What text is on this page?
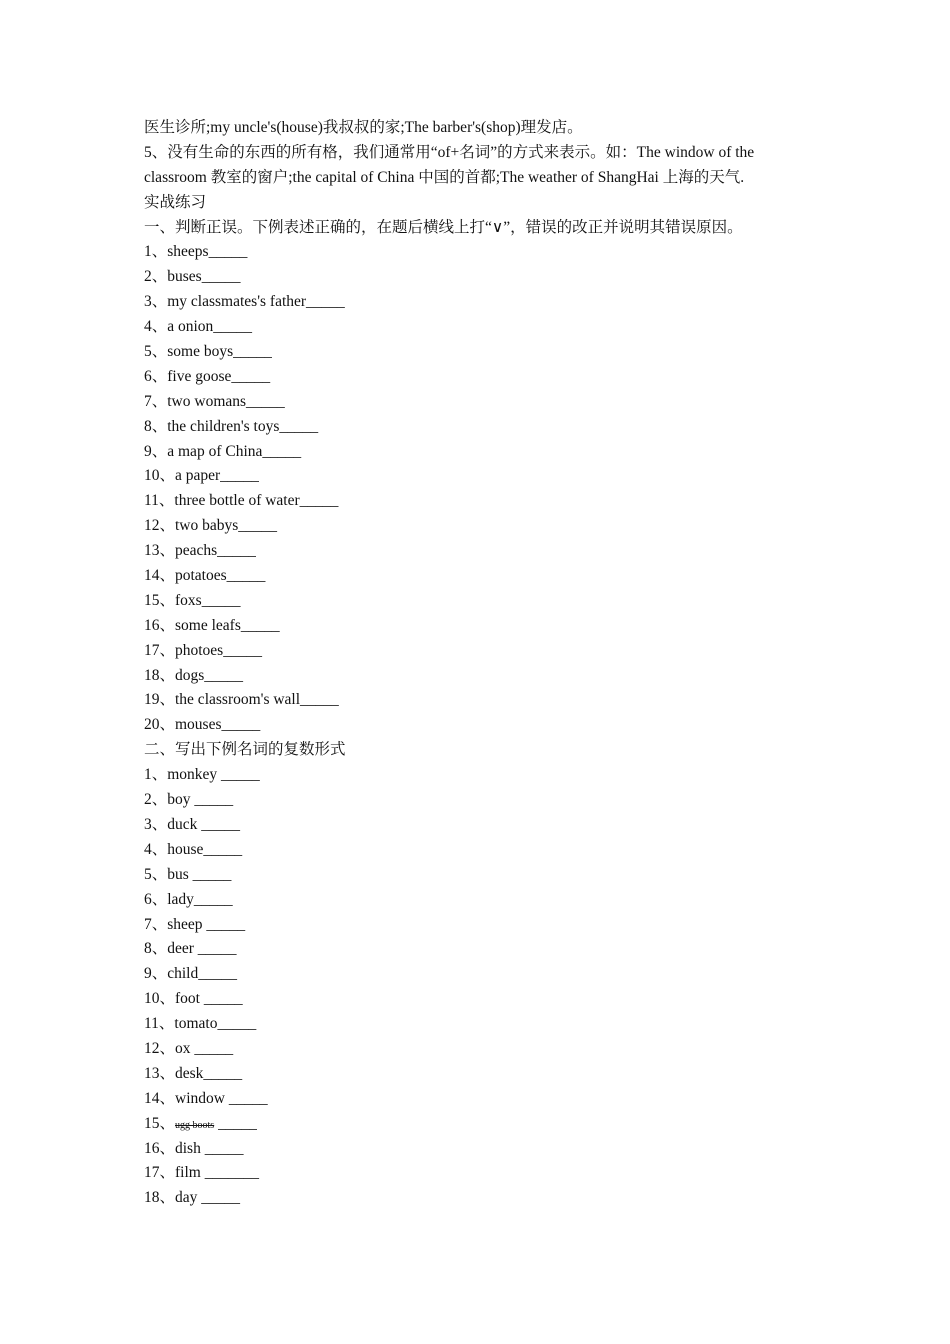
医生诊所;my uncle's(house)我叔叔的家;The barber's(shop)理发店。
5、没有生命的东西的所有格，我们通常用“of+名词”的方式来表示。如：The window of the
classroom 教室的窗户;the capital of China 中国的首都;The weather of ShangHai 上海的天气.
实战练习
一、判断正误。下例表述正确的，在题后横线上打“∨”，错误的改正并说明其错误原因。
1、sheeps_____
2、buses_____
3、my classmates's father_____
4、a onion_____
5、some boys_____
6、five goose_____
7、two womans_____
8、the children's toys_____
9、a map of China_____
10、a paper_____
11、three bottle of water_____
12、two babys_____
13、peachs_____
14、potatoes_____
15、foxs_____
16、some leafs_____
17、photoes_____
18、dogs_____
19、the classroom's wall_____
20、mouses_____
二、写出下例名词的复数形式
1、monkey _____
2、boy _____
3、duck _____
4、house_____
5、bus _____
6、lady_____
7、sheep _____
8、deer _____
9、child_____
10、foot _____
11、tomato_____
12、ox _____
13、desk_____
14、window _____
15、ugg boots _____
16、dish _____
17、film _______
18、day _____
